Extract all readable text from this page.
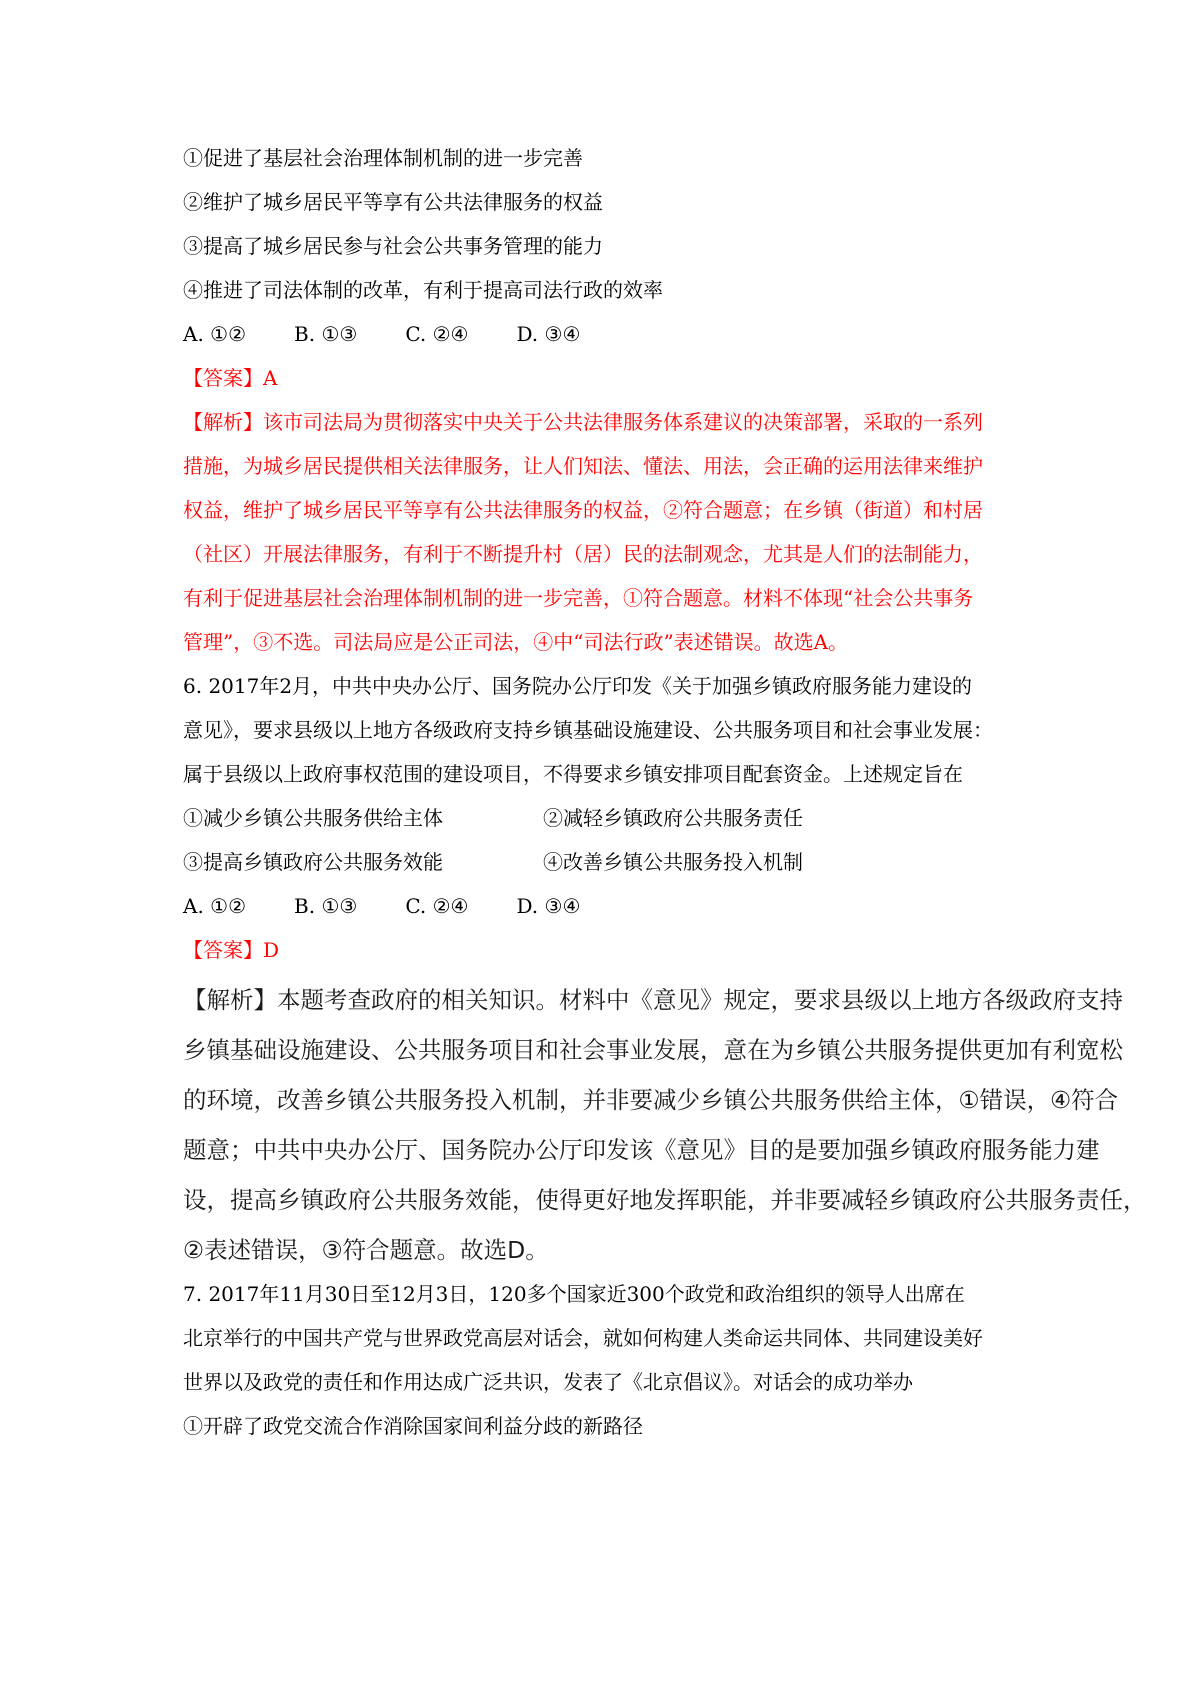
①促进了基层社会治理体制机制的进一步完善
②维护了城乡居民平等享有公共法律服务的权益
③提高了城乡居民参与社会公共事务管理的能力
④推进了司法体制的改革，有利于提高司法行政的效率
A. ①② B. ①③ C. ②④ D. ③④
【答案】A
【解析】该市司法局为贯彻落实中央关于公共法律服务体系建议的决策部署，采取的一系列
措施，为城乡居民提供相关法律服务，让人们知法、懂法、用法，会正确的运用法律来维护
权益，维护了城乡居民平等享有公共法律服务的权益，②符合题意；在乡镇（街道）和村居
（社区）开展法律服务，有利于不断提升村（居）民的法制观念，尤其是人们的法制能力，
有利于促进基层社会治理体制机制的进一步完善，①符合题意。材料不体现“社会公共事务
管理”，③不选。司法局应是公正司法，④中“司法行政”表述错误。故选A。
6. 2017年2月，中共中央办公厅、国务院办公厅印发《关于加强乡镇政府服务能力建设的
意见》，要求县级以上地方各级政府支持乡镇基础设施建设、公共服务项目和社会事业发展：
属于县级以上政府事权范围的建设项目，不得要求乡镇安排项目配套资金。上述规定旨在
①减少乡镇公共服务供给主体	②减轻乡镇政府公共服务责任
③提高乡镇政府公共服务效能	④改善乡镇公共服务投入机制
A. ①② B. ①③ C. ②④ D. ③④
【答案】D
【解析】本题考查政府的相关知识。材料中《意见》规定，要求县级以上地方各级政府支持
乡镇基础设施建设、公共服务项目和社会事业发展，意在为乡镇公共服务提供更加有利宽松
的环境，改善乡镇公共服务投入机制，并非要减少乡镇公共服务供给主体，①错误，④符合
题意；中共中央办公厅、国务院办公厅印发该《意见》目的是要加强乡镇政府服务能力建
设，提高乡镇政府公共服务效能，使得更好地发挥职能，并非要减轻乡镇政府公共服务责任，
②表述错误，③符合题意。故选D。
7. 2017年11月30日至12月3日，120多个国家近300个政党和政治组织的领导人出席在
北京举行的中国共产党与世界政党高层对话会，就如何构建人类命运共同体、共同建设美好
世界以及政党的责任和作用达成广泛共识，发表了《北京倡议》。对话会的成功举办
①开辟了政党交流合作消除国家间利益分歧的新路径
